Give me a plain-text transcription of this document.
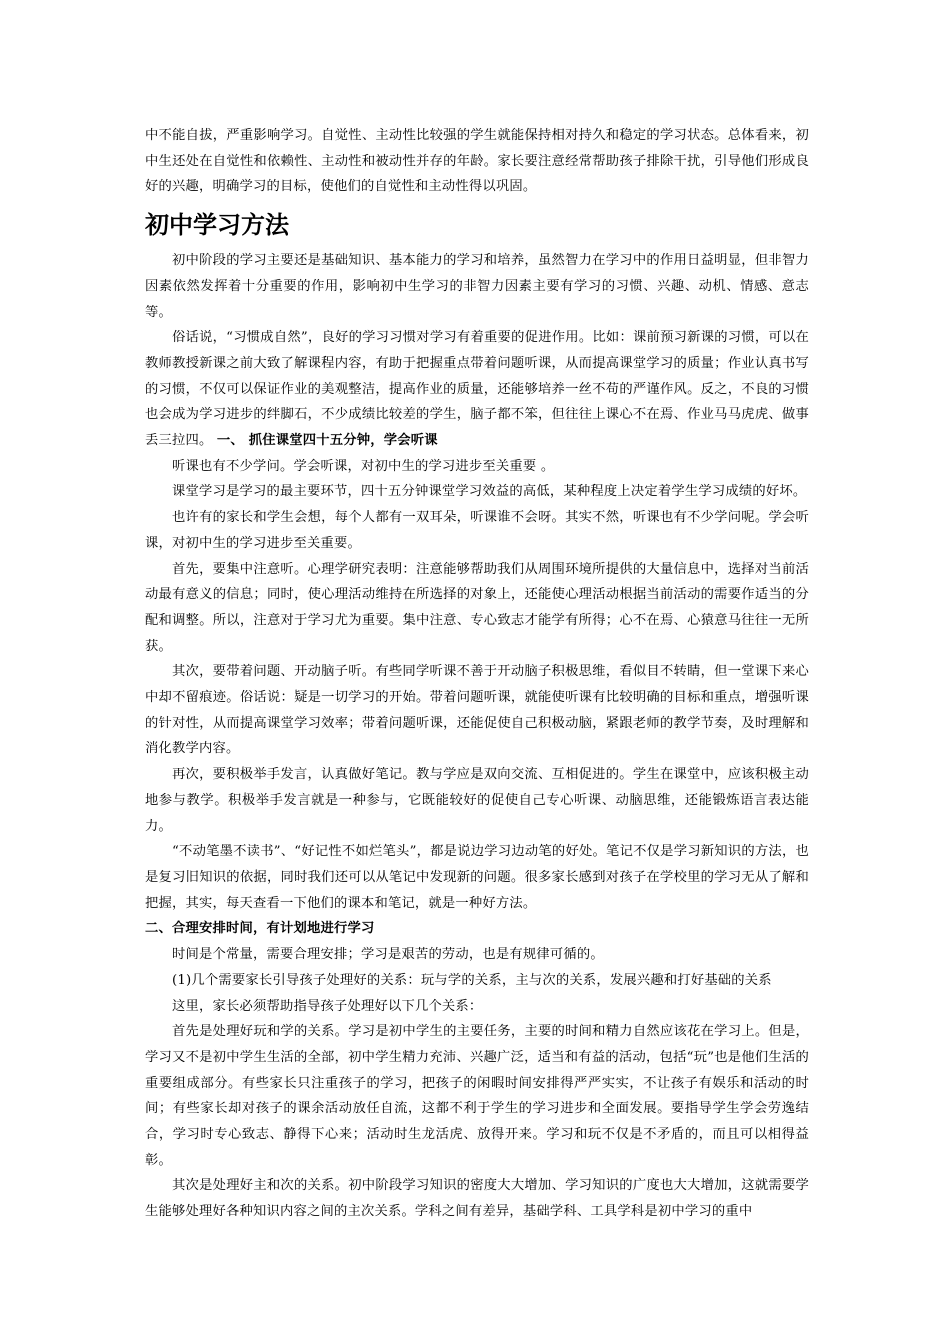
中不能自拔，严重影响学习。自觉性、主动性比较强的学生就能保持相对持久和稳定的学习状态。总体看来，初中生还处在自觉性和依赖性、主动性和被动性并存的年龄。家长要注意经常帮助孩子排除干扰，引导他们形成良好的兴趣，明确学习的目标，使他们的自觉性和主动性得以巩固。

初中学习方法

初中阶段的学习主要还是基础知识、基本能力的学习和培养，虽然智力在学习中的作用日益明显，但非智力因素依然发挥着十分重要的作用，影响初中生学习的非智力因素主要有学习的习惯、兴趣、动机、情感、意志等。

俗话说，“习惯成自然”，良好的学习习惯对学习有着重要的促进作用。比如：课前预习新课的习惯，可以在教师教授新课之前大致了解课程内容，有助于把握重点带着问题听课，从而提高课堂学习的质量；作业认真书写的习惯，不仅可以保证作业的美观整洁，提高作业的质量，还能够培养一丝不苟的严谨作风。反之，不良的习惯也会成为学习进步的绊脚石，不少成绩比较差的学生，脑子都不笨，但往往上课心不在焉、作业马马虎虎、做事丢三拉四。 一、 抓住课堂四十五分钟，学会听课

听课也有不少学问。学会听课，对初中生的学习进步至关重要 。

课堂学习是学习的最主要环节，四十五分钟课堂学习效益的高低，某种程度上决定着学生学习成绩的好坏。

也许有的家长和学生会想，每个人都有一双耳朵，听课谁不会呀。其实不然，听课也有不少学问呢。学会听课，对初中生的学习进步至关重要。

首先，要集中注意听。心理学研究表明：注意能够帮助我们从周围环境所提供的大量信息中，选择对当前活动最有意义的信息；同时，使心理活动维持在所选择的对象上，还能使心理活动根据当前活动的需要作适当的分配和调整。所以，注意对于学习尤为重要。集中注意、专心致志才能学有所得；心不在焉、心猿意马往往一无所获。

其次，要带着问题、开动脑子听。有些同学听课不善于开动脑子积极思维，看似目不转睛，但一堂课下来心中却不留痕迹。俗话说：疑是一切学习的开始。带着问题听课，就能使听课有比较明确的目标和重点，增强听课的针对性，从而提高课堂学习效率；带着问题听课，还能促使自己积极动脑，紧跟老师的教学节奏，及时理解和消化教学内容。

再次，要积极举手发言，认真做好笔记。教与学应是双向交流、互相促进的。学生在课堂中，应该积极主动地参与教学。积极举手发言就是一种参与，它既能较好的促使自己专心听课、动脑思维，还能锻炼语言表达能力。

“不动笔墨不读书”、“好记性不如烂笔头”，都是说边学习边动笔的好处。笔记不仅是学习新知识的方法，也是复习旧知识的依据，同时我们还可以从笔记中发现新的问题。很多家长感到对孩子在学校里的学习无从了解和把握，其实，每天查看一下他们的课本和笔记，就是一种好方法。

二、合理安排时间，有计划地进行学习

时间是个常量，需要合理安排；学习是艰苦的劳动，也是有规律可循的。

(1)几个需要家长引导孩子处理好的关系：玩与学的关系，主与次的关系，发展兴趣和打好基础的关系

这里，家长必须帮助指导孩子处理好以下几个关系：

首先是处理好玩和学的关系。学习是初中学生的主要任务，主要的时间和精力自然应该花在学习上。但是，学习又不是初中学生生活的全部，初中学生精力充沛、兴趣广泛，适当和有益的活动，包括“玩”也是他们生活的重要组成部分。有些家长只注重孩子的学习，把孩子的闲暇时间安排得严严实实，不让孩子有娱乐和活动的时间；有些家长却对孩子的课余活动放任自流，这都不利于学生的学习进步和全面发展。要指导学生学会劳逸结合，学习时专心致志、静得下心来；活动时生龙活虎、放得开来。学习和玩不仅是不矛盾的，而且可以相得益彰。

其次是处理好主和次的关系。初中阶段学习知识的密度大大增加、学习知识的广度也大大增加，这就需要学生能够处理好各种知识内容之间的主次关系。学科之间有差异，基础学科、工具学科是初中学习的重中
